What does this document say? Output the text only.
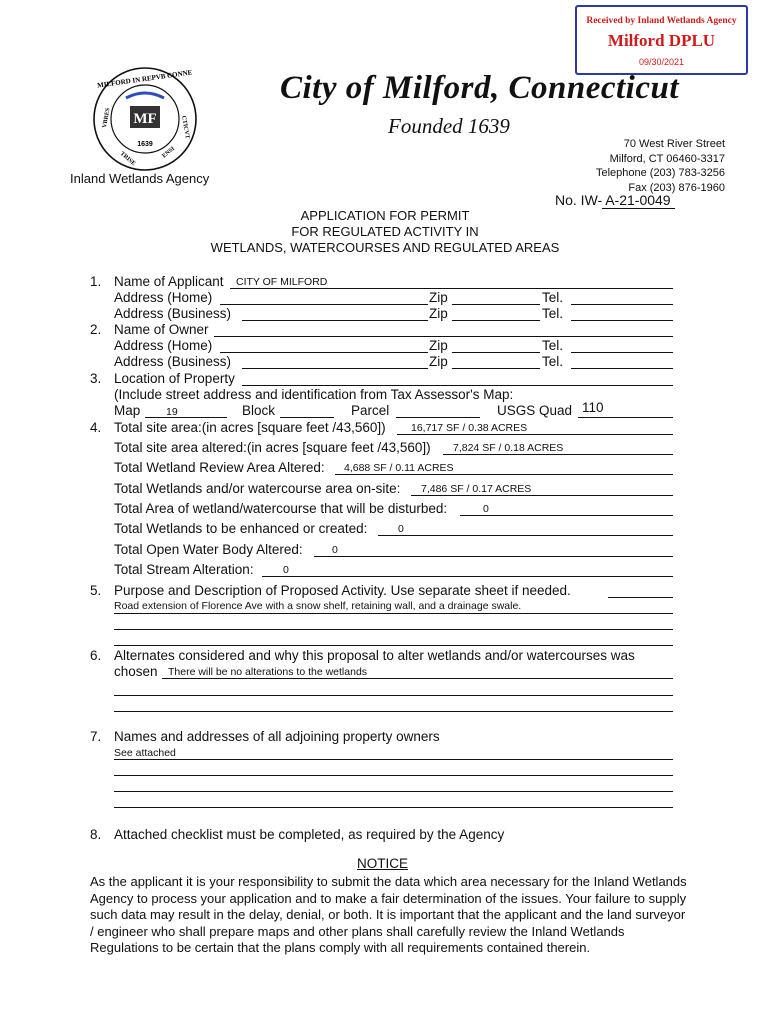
Received by Inland Wetlands Agency
Milford DPLU
09/30/2021
MILFORD IN REPVB CONNE
CTICVT
VBRES
TRISE	ENSI
MF
1639
City of Milford, Connecticut
Founded 1639
Inland Wetlands Agency
70 West River Street
Milford, CT 06460-3317
Telephone (203) 783-3256
Fax (203) 876-1960
No. IW- A-21-0049
APPLICATION FOR PERMIT
FOR REGULATED ACTIVITY IN
WETLANDS, WATERCOURSES AND REGULATED AREAS
1. Name of Applicant CITY OF MILFORD
Address (Home)	Zip	Tel.
Address (Business)	Zip	Tel.
2. Name of Owner
Address (Home)	Zip	Tel.
Address (Business)	Zip	Tel.
3. Location of Property
(Include street address and identification from Tax Assessor's Map:
Map 19	Block	Parcel	USGS Quad 110
4. Total site area:(in acres [square feet /43,560]) 16,717 SF / 0.38 ACRES
Total site area altered:(in acres [square feet /43,560]) 7,824 SF / 0.18 ACRES
Total Wetland Review Area Altered: 4,688 SF / 0.11 ACRES
Total Wetlands and/or watercourse area on-site: 7,486 SF / 0.17 ACRES
Total Area of wetland/watercourse that will be disturbed:	0
Total Wetlands to be enhanced or created:	0
Total Open Water Body Altered:	0
Total Stream Alteration:	0
5. Purpose and Description of Proposed Activity. Use separate sheet if needed.
Road extension of Florence Ave with a snow shelf, retaining wall, and a drainage swale.
6. Alternates considered and why this proposal to alter wetlands and/or watercourses was
chosen There will be no alterations to the wetlands
7. Names and addresses of all adjoining property owners
See attached
8. Attached checklist must be completed, as required by the Agency
NOTICE
As the applicant it is your responsibility to submit the data which area necessary for the Inland Wetlands Agency to process your application and to make a fair determination of the issues. Your failure to supply such data may result in the delay, denial, or both. It is important that the applicant and the land surveyor / engineer who shall prepare maps and other plans shall carefully review the Inland Wetlands Regulations to be certain that the plans comply with all requirements contained therein.
